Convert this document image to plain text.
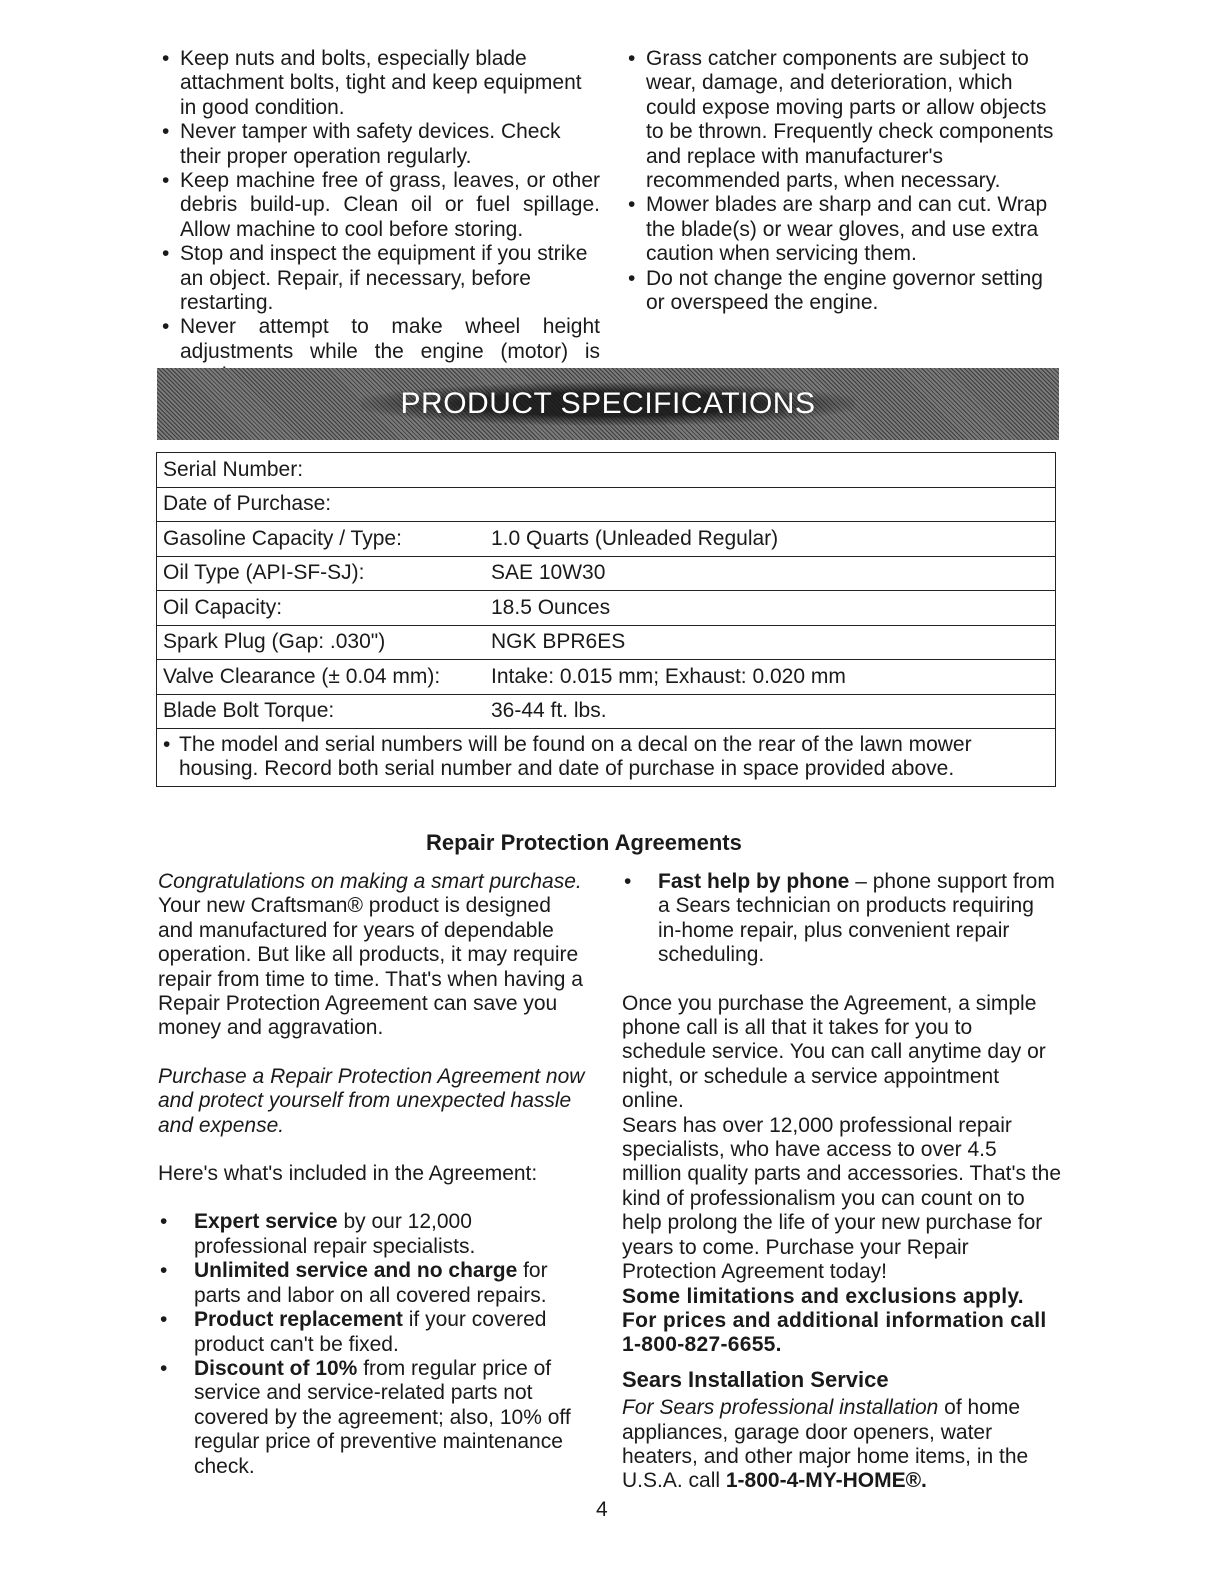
• Keep nuts and bolts, especially blade attachment bolts, tight and keep equipment in good condition.
• Never tamper with safety devices. Check their proper operation regularly.
• Keep machine free of grass, leaves, or other debris build-up. Clean oil or fuel spillage. Allow machine to cool before storing.
• Stop and inspect the equipment if you strike an object. Repair, if necessary, before restarting.
• Never attempt to make wheel height adjustments while the engine (motor) is
• Grass catcher components are subject to wear, damage, and deterioration, which could expose moving parts or allow objects to be thrown. Frequently check components and replace with manufacturer's recommended parts, when necessary.
• Mower blades are sharp and can cut. Wrap the blade(s) or wear gloves, and use extra caution when servicing them.
• Do not change the engine governor setting or overspeed the engine.
PRODUCT SPECIFICATIONS
Serial Number:
Date of Purchase:
Gasoline Capacity / Type:	1.0 Quarts (Unleaded Regular)
Oil Type (API-SF-SJ):	SAE 10W30
Oil Capacity:	18.5 Ounces
Spark Plug (Gap: .030")	NGK BPR6ES
Valve Clearance (± 0.04 mm):	Intake: 0.015 mm; Exhaust: 0.020 mm
Blade Bolt Torque:	36-44 ft. lbs.
• The model and serial numbers will be found on a decal on the rear of the lawn mower housing. Record both serial number and date of purchase in space provided above.
Repair Protection Agreements

Congratulations on making a smart purchase. Your new Craftsman® product is designed and manufactured for years of dependable operation. But like all products, it may require repair from time to time. That's when having a Repair Protection Agreement can save you money and aggravation.

Purchase a Repair Protection Agreement now and protect yourself from unexpected hassle and expense.

Here's what's included in the Agreement:

• Expert service by our 12,000 professional repair specialists.
• Unlimited service and no charge for parts and labor on all covered repairs.
• Product replacement if your covered product can't be fixed.
• Discount of 10% from regular price of service and service-related parts not covered by the agreement; also, 10% off regular price of preventive maintenance check.
• Fast help by phone – phone support from a Sears technician on products requiring in-home repair, plus convenient repair scheduling.

Once you purchase the Agreement, a simple phone call is all that it takes for you to schedule service. You can call anytime day or night, or schedule a service appointment online.

Sears has over 12,000 professional repair specialists, who have access to over 4.5 million quality parts and accessories. That's the kind of professionalism you can count on to help prolong the life of your new purchase for years to come. Purchase your Repair Protection Agreement today!

Some limitations and exclusions apply. For prices and additional information call 1-800-827-6655.

Sears Installation Service

For Sears professional installation of home appliances, garage door openers, water heaters, and other major home items, in the U.S.A. call 1-800-4-MY-HOME®.

4
